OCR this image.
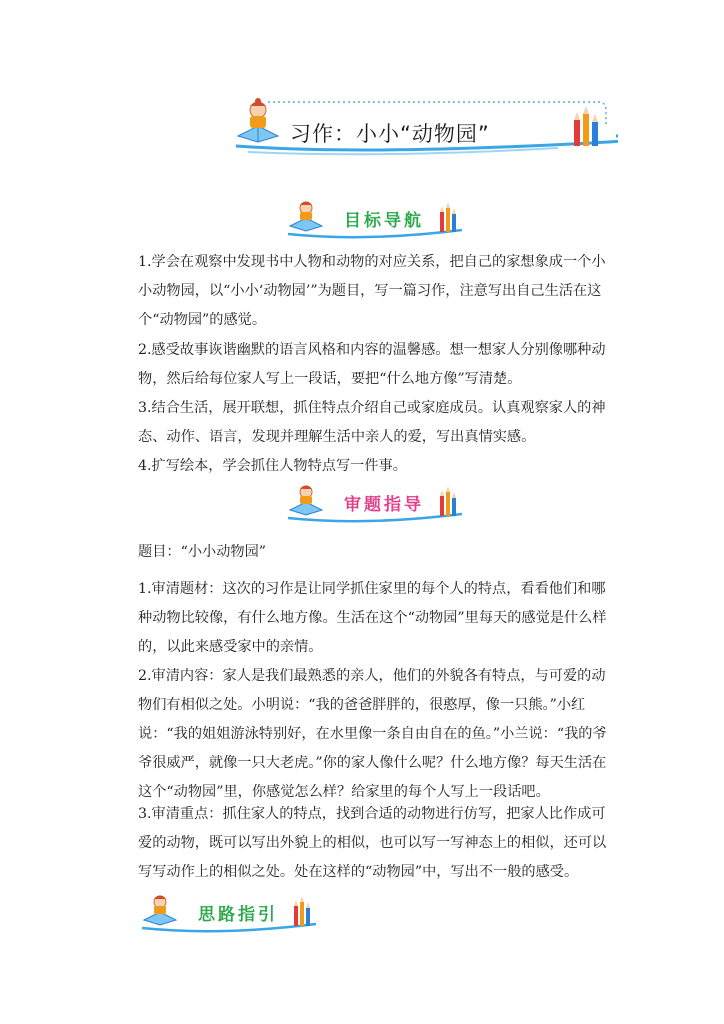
习作：小小“动物园”
目标导航
1.学会在观察中发现书中人物和动物的对应关系，把自己的家想象成一个小小动物园，以“小小‘动物园’”为题目，写一篇习作，注意写出自己生活在这个“动物园”的感觉。
2.感受故事诙谐幽默的语言风格和内容的温馨感。想一想家人分别像哪种动物，然后给每位家人写上一段话，要把“什么地方像”写清楚。
3.结合生活，展开联想，抓住特点介绍自己或家庭成员。认真观察家人的神态、动作、语言，发现并理解生活中亲人的爱，写出真情实感。
4.扩写绘本，学会抓住人物特点写一件事。
审题指导
题目：“小小动物园”
1.审清题材：这次的习作是让同学抓住家里的每个人的特点，看看他们和哪种动物比较像，有什么地方像。生活在这个“动物园”里每天的感觉是什么样的，以此来感受家中的亲情。
2.审清内容：家人是我们最熟悉的亲人，他们的外貌各有特点，与可爱的动物们有相似之处。小明说：“我的爸爸胖胖的，很憨厚，像一只熊。”小红说：“我的姐姐游泳特别好，在水里像一条自由自在的鱼。”小兰说：“我的爷爷很威严，就像一只大老虎。”你的家人像什么呢？什么地方像？每天生活在这个“动物园”里，你感觉怎么样？给家里的每个人写上一段话吧。
3.审清重点：抓住家人的特点，找到合适的动物进行仿写，把家人比作成可爱的动物，既可以写出外貌上的相似，也可以写一写神态上的相似，还可以写写动作上的相似之处。处在这样的“动物园”中，写出不一般的感受。
思路指引
